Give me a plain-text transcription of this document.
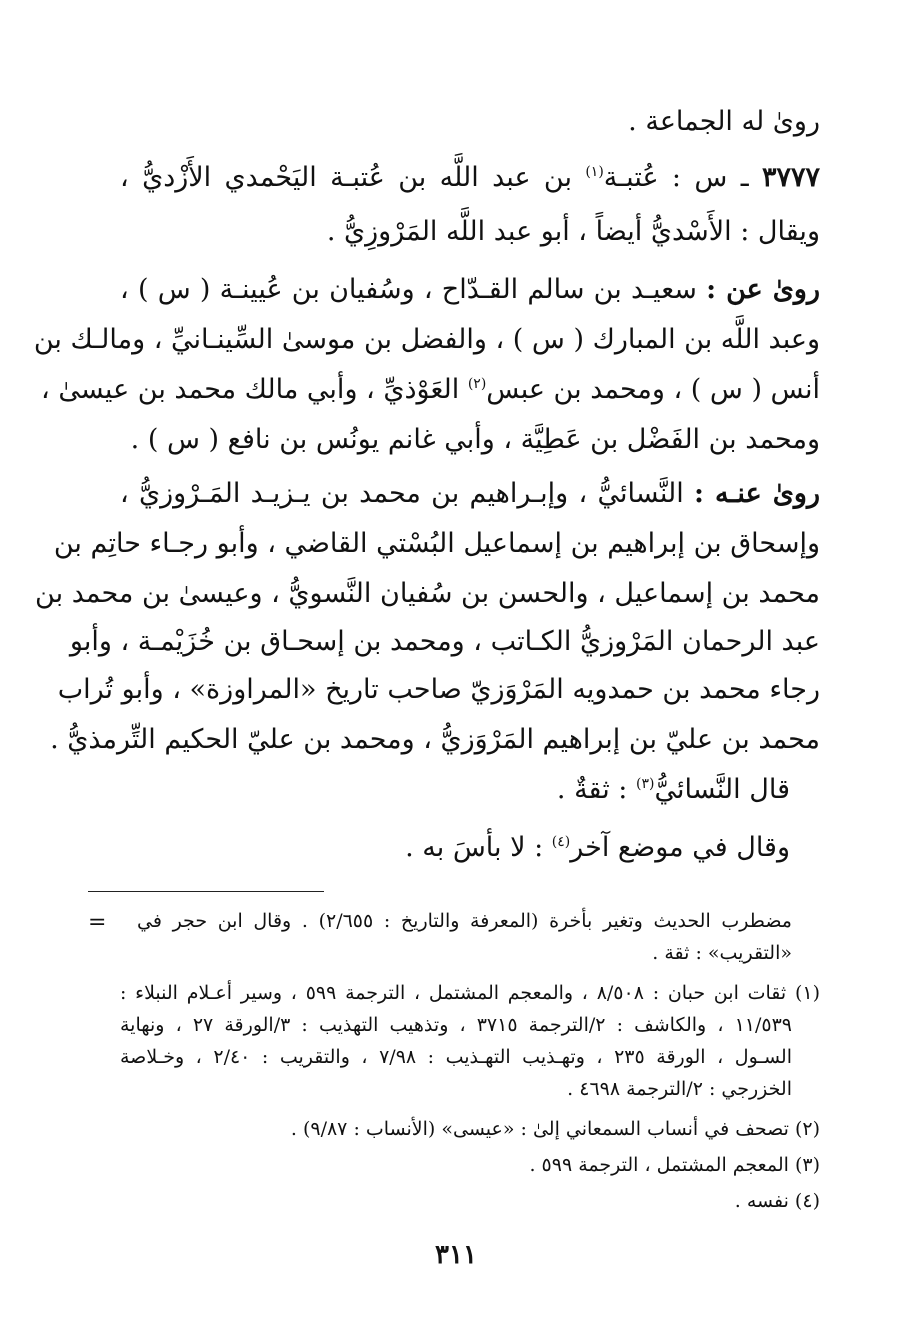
روىٰ له الجماعة .
٣٧٧٧ ـ س : عُتبـة$^{(١)}$ بن عبد اللَّه بن عُتبـة اليَحْمدي الأَزْديُّ ،
ويقال : الأَسْديُّ أيضاً ، أبو عبد اللَّه المَرْوزِيُّ .
روىٰ عن : سعيـد بن سالم القـدّاح ، وسُفيان بن عُيينـة ( س ) ،
وعبد اللَّه بن المبارك ( س ) ، والفضل بن موسىٰ السِّينـانيِّ ، ومالـك بن
أنس ( س ) ، ومحمد بن عبس$^{(٢)}$ العَوْذيِّ ، وأبي مالك محمد بن عيسىٰ ،
ومحمد بن الفَضْل بن عَطِيَّة ، وأبي غانم يونُس بن نافع ( س ) .
روىٰ عنـه : النَّسائيُّ ، وإبـراهيم بن محمد بن يـزيـد المَـرْوزيُّ ،
وإسحاق بن إبراهيم بن إسماعيل البُسْتي القاضي ، وأبو رجـاء حاتِم بن
محمد بن إسماعيل ، والحسن بن سُفيان النَّسويُّ ، وعيسىٰ بن محمد بن
عبد الرحمان المَرْوزيُّ الكـاتب ، ومحمد بن إسحـاق بن خُزَيْمـة ، وأبو
رجاء محمد بن حمدويه المَرْوَزيّ صاحب تاريخ «المراوزة» ، وأبو تُراب
محمد بن عليّ بن إبراهيم المَرْوَزيُّ ، ومحمد بن عليّ الحكيم التِّرمذيُّ .
قال النَّسائيُّ$^{(٣)}$ : ثقةٌ .
وقال في موضع آخر$^{(٤)}$ : لا بأسَ به .
= مضطرب الحديث وتغير بأخرة (المعرفة والتاريخ : ٢/٦٥٥) . وقال ابن حجر في
«التقريب» : ثقة .
(١) ثقات ابن حبان : ٨/٥٠٨ ، والمعجم المشتمل ، الترجمة ٥٩٩ ، وسير أعـلام النبلاء :
١١/٥٣٩ ، والكاشف : ٢/الترجمة ٣٧١٥ ، وتذهيب التهذيب : ٣/الورقة ٢٧ ، ونهاية
السـول ، الورقة ٢٣٥ ، وتهـذيب التهـذيب : ٧/٩٨ ، والتقريب : ٢/٤٠ ، وخـلاصة
الخزرجي : ٢/الترجمة ٤٦٩٨ .
(٢) تصحف في أنساب السمعاني إلىٰ : «عيسى» (الأنساب : ٩/٨٧) .
(٣) المعجم المشتمل ، الترجمة ٥٩٩ .
(٤) نفسه .
٣١١
